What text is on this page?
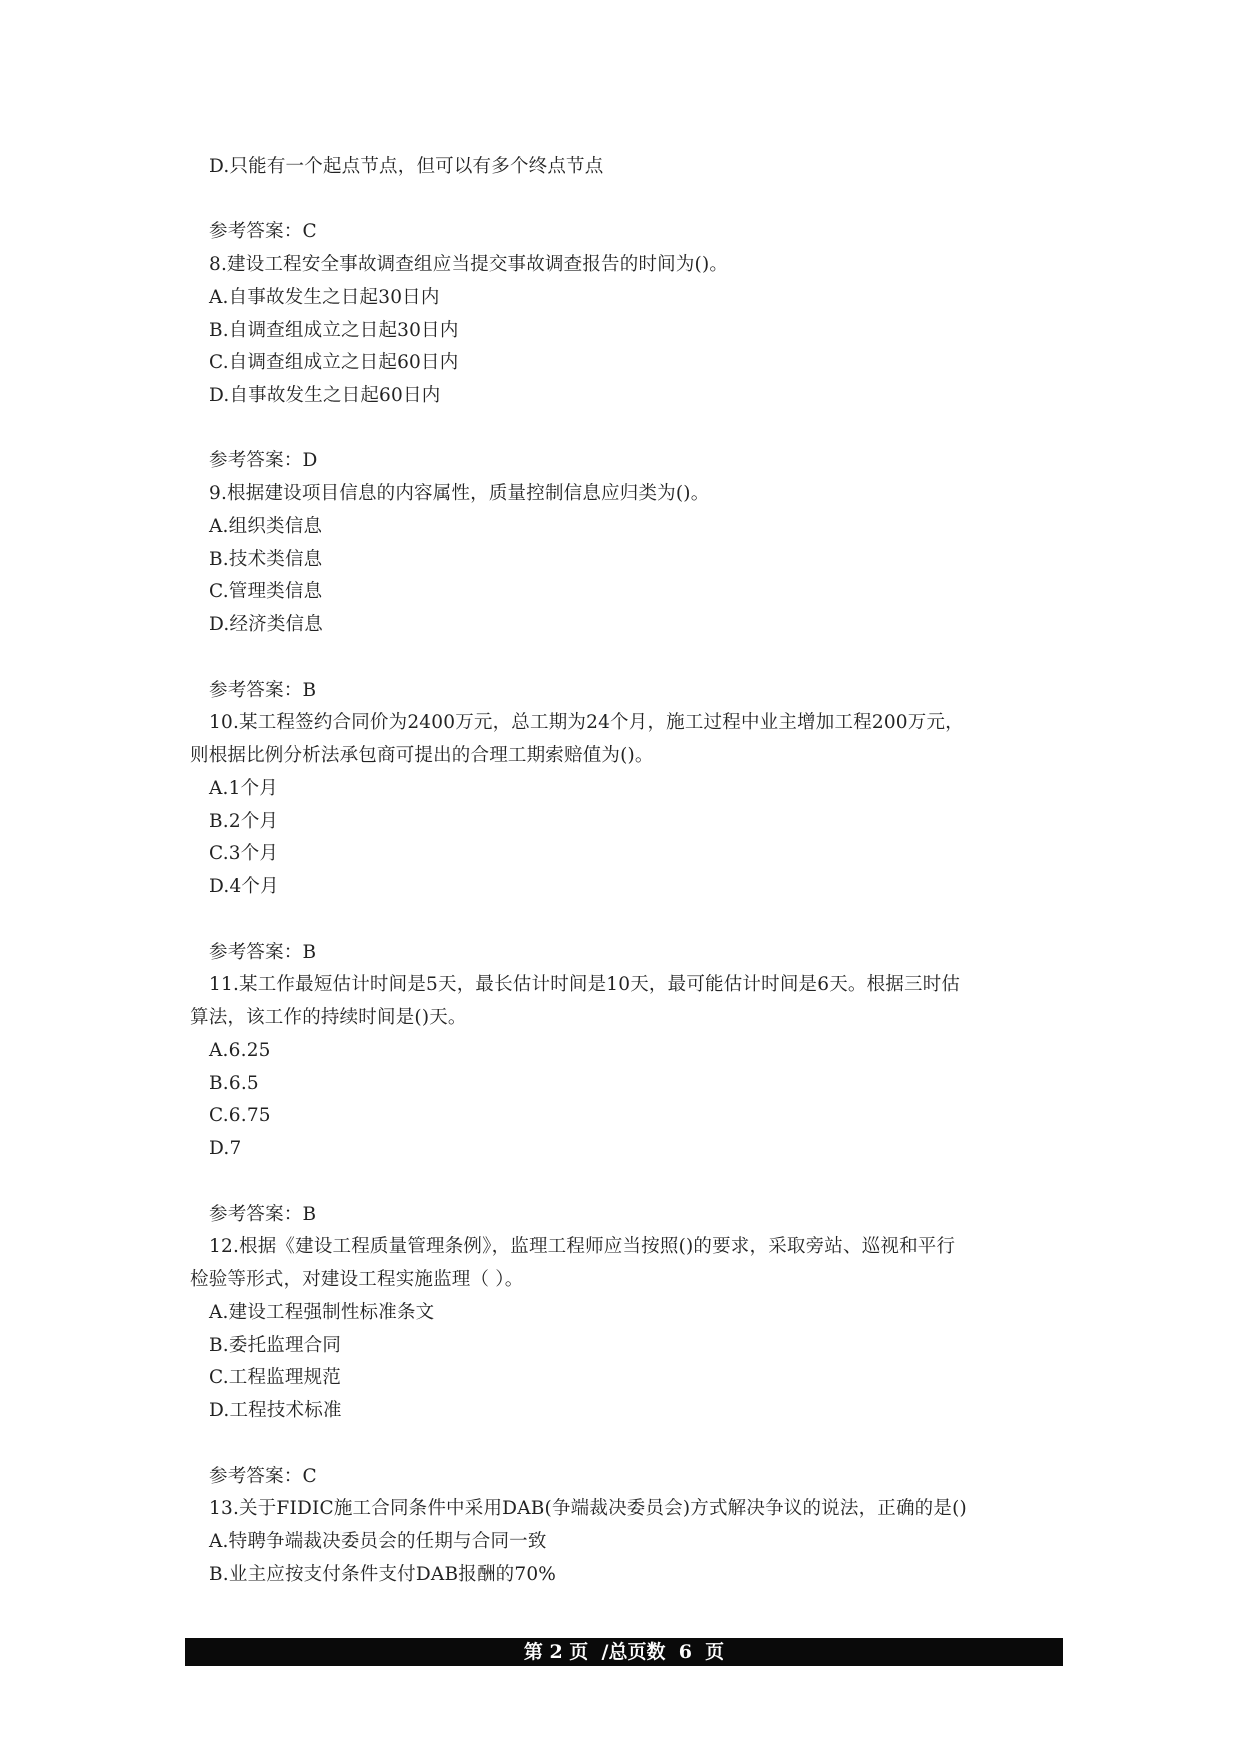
D.只能有一个起点节点，但可以有多个终点节点
参考答案：C
8.建设工程安全事故调查组应当提交事故调查报告的时间为()。
A.自事故发生之日起30日内
B.自调查组成立之日起30日内
C.自调查组成立之日起60日内
D.自事故发生之日起60日内
参考答案：D
9.根据建设项目信息的内容属性，质量控制信息应归类为()。
A.组织类信息
B.技术类信息
C.管理类信息
D.经济类信息
参考答案：B
10.某工程签约合同价为2400万元，总工期为24个月，施工过程中业主增加工程200万元，
则根据比例分析法承包商可提出的合理工期索赔值为()。
A.1个月
B.2个月
C.3个月
D.4个月
参考答案：B
11.某工作最短估计时间是5天，最长估计时间是10天，最可能估计时间是6天。根据三时估
算法，该工作的持续时间是()天。
A.6.25
B.6.5
C.6.75
D.7
参考答案：B
12.根据《建设工程质量管理条例》，监理工程师应当按照()的要求，采取旁站、巡视和平行
检验等形式，对建设工程实施监理（ ）。
A.建设工程强制性标准条文
B.委托监理合同
C.工程监理规范
D.工程技术标准
参考答案：C
13.关于FIDIC施工合同条件中采用DAB(争端裁决委员会)方式解决争议的说法，正确的是()
A.特聘争端裁决委员会的任期与合同一致
B.业主应按支付条件支付DAB报酬的70%
第 2 页  /总页数  6  页
